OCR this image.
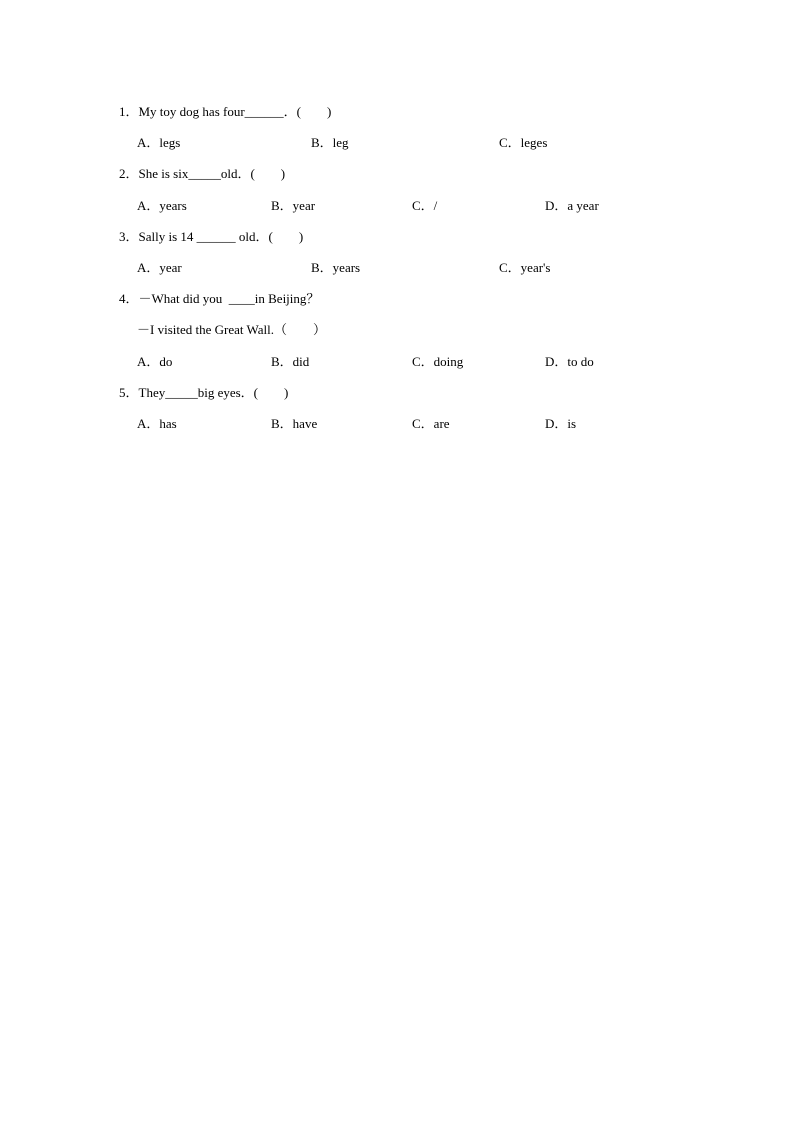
1．My toy dog has four______．(        )
A．legs	B．leg	C．leges
2．She is six_____old．(        )
A．years	B．year	C．/	D．a year
3．Sally is 14 ______ old．(        )
A．year	B．years	C．year's
4．－What did you  ____in Beijing？
－I visited the Great Wall.（        ）
A．do	B．did	C．doing	D．to do
5．They_____big eyes．(        )
A．has	B．have	C．are	D．is
